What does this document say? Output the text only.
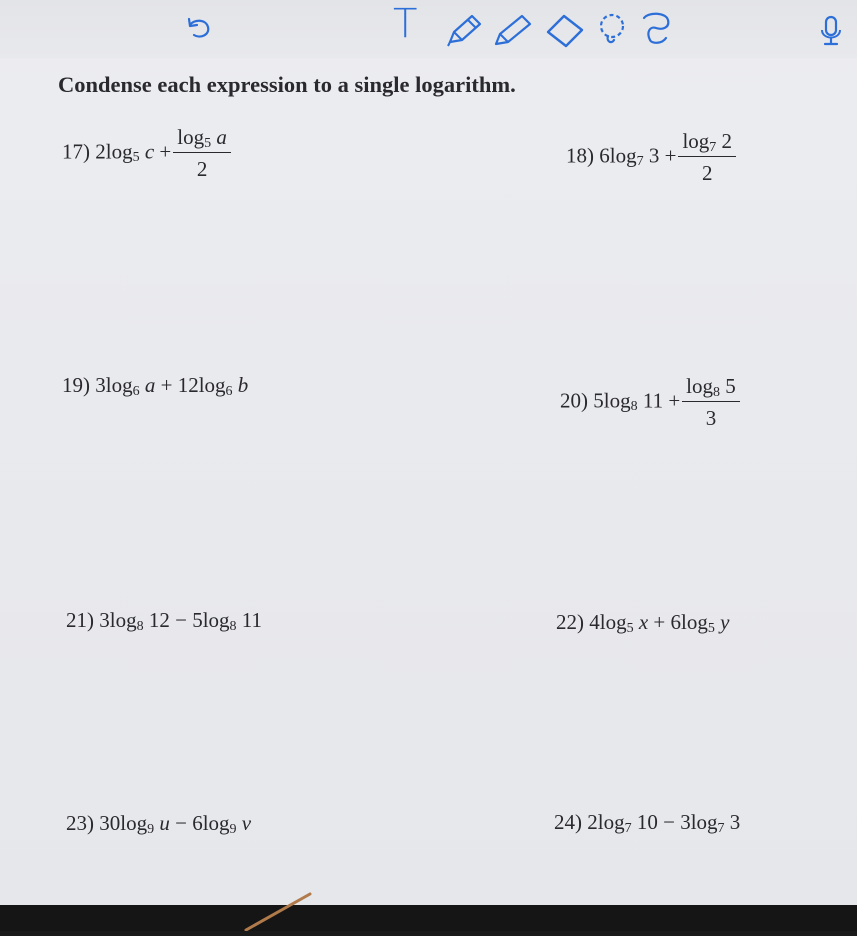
T
Condense each expression to a single logarithm.
17) $2\log_5$ $c + \frac{\log_5 a}{2}$	18) $6\log_7$ $3 + \frac{\log_7 2}{2}$
19) $3\log_6$ $a + 12\log_6$ b
20) $5\log_8$ $11 + \frac{\log_8 5}{3}$
21) $3\log_8$ $12 - 5\log_8$ 11	22) $4\log_5$ $x + 6\log_5$ y
23) $30\log_9$ $u - 6\log_9$ v	24) $2\log_7$ $10 - 3\log_7$ 3
